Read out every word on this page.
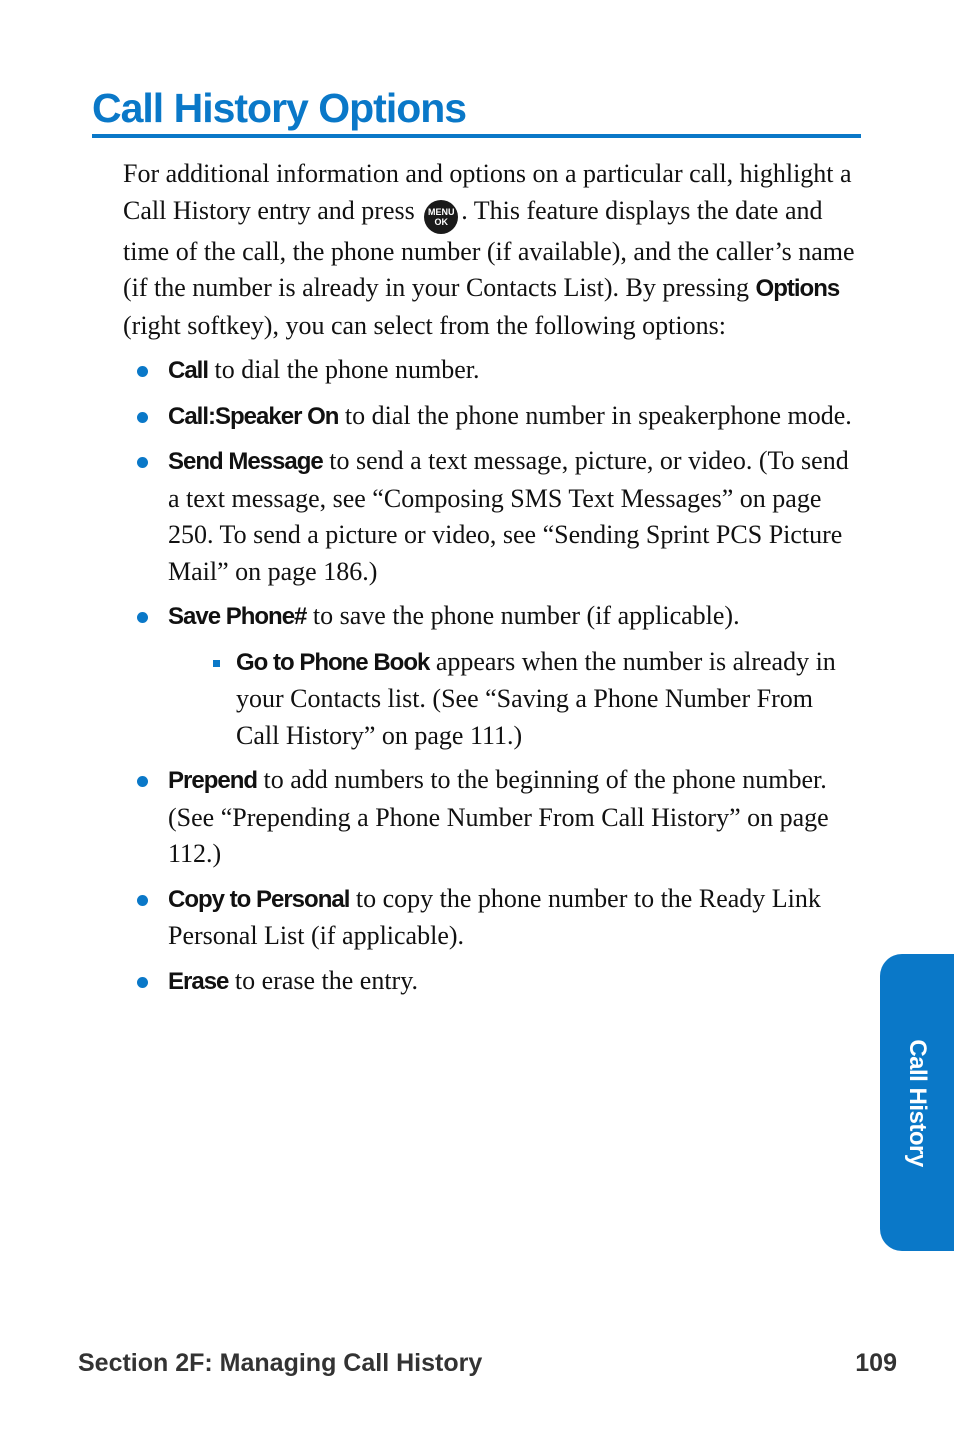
Call History Options

For additional information and options on a particular call, highlight a Call History entry and press MENU
OK . This feature displays the date and time of the call, the phone number (if available), and the caller’s name (if the number is already in your Contacts List). By pressing Options (right softkey), you can select from the following options:

Call to dial the phone number.
Call:Speaker On to dial the phone number in speakerphone mode.
Send Message to send a text message, picture, or video. (To send a text message, see “Composing SMS Text Messages” on page 250. To send a picture or video, see “Sending Sprint PCS Picture Mail” on page 186.)
Save Phone# to save the phone number (if applicable).
Go to Phone Book appears when the number is already in your Contacts list. (See “Saving a Phone Number From Call History” on page 111.)
Prepend to add numbers to the beginning of the phone number. (See “Prepending a Phone Number From Call History” on page 112.)
Copy to Personal to copy the phone number to the Ready Link Personal List (if applicable).
Erase to erase the entry.
Call History
Section 2F: Managing Call History	109
